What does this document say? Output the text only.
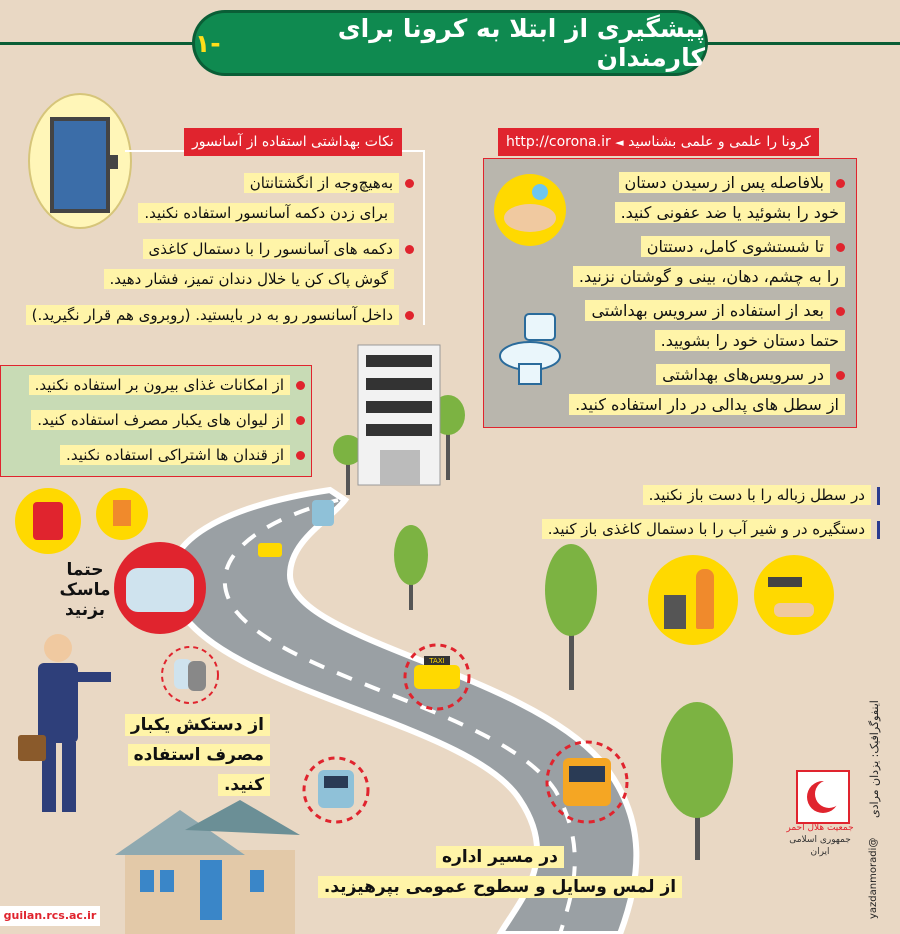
TAXI
پیشگیری از ابتلا به کرونا برای کارمندان
-۱
نکات بهداشتی استفاده از آسانسور
به‌هیچ‌وجه از انگشتانتان
برای زدن دکمه آسانسور استفاده نکنید.
دکمه های آسانسور را با دستمال کاغذی
گوش پاک کن یا خلال دندان تمیز، فشار دهید.
داخل آسانسور رو به در بایستید. (روبروی هم قرار نگیرید.)
کرونا را علمی و علمی بشناسید ◄ http://corona.ir
بلافاصله پس از رسیدن دستان
خود را بشوئید یا ضد عفونی کنید.
تا شستشوی کامل، دستتان
را به چشم، دهان، بینی و گوشتان نزنید.
بعد از استفاده از سرویس بهداشتی
حتما دستان خود را بشویید.
در سرویس‌های بهداشتی
از سطل های پدالی در دار استفاده کنید.
از امکانات غذای بیرون بر استفاده نکنید.
از لیوان های یکبار مصرف استفاده کنید.
از قندان ها اشتراکی استفاده نکنید.
حتما
ماسک
بزنید
از دستکش یکبار
مصرف استفاده کنید.
در سطل زباله را با دست باز نکنید.
دستگیره در و شیر آب را با دستمال کاغذی باز کنید.
در مسیر اداره
از لمس وسایل و سطوح عمومی بپرهیزید.
اینفوگرافیک: یزدان مرادی
@yazdanmoradi
جمعیت هلال احمر
جمهوری اسلامی ایران
guilan.rcs.ac.ir
